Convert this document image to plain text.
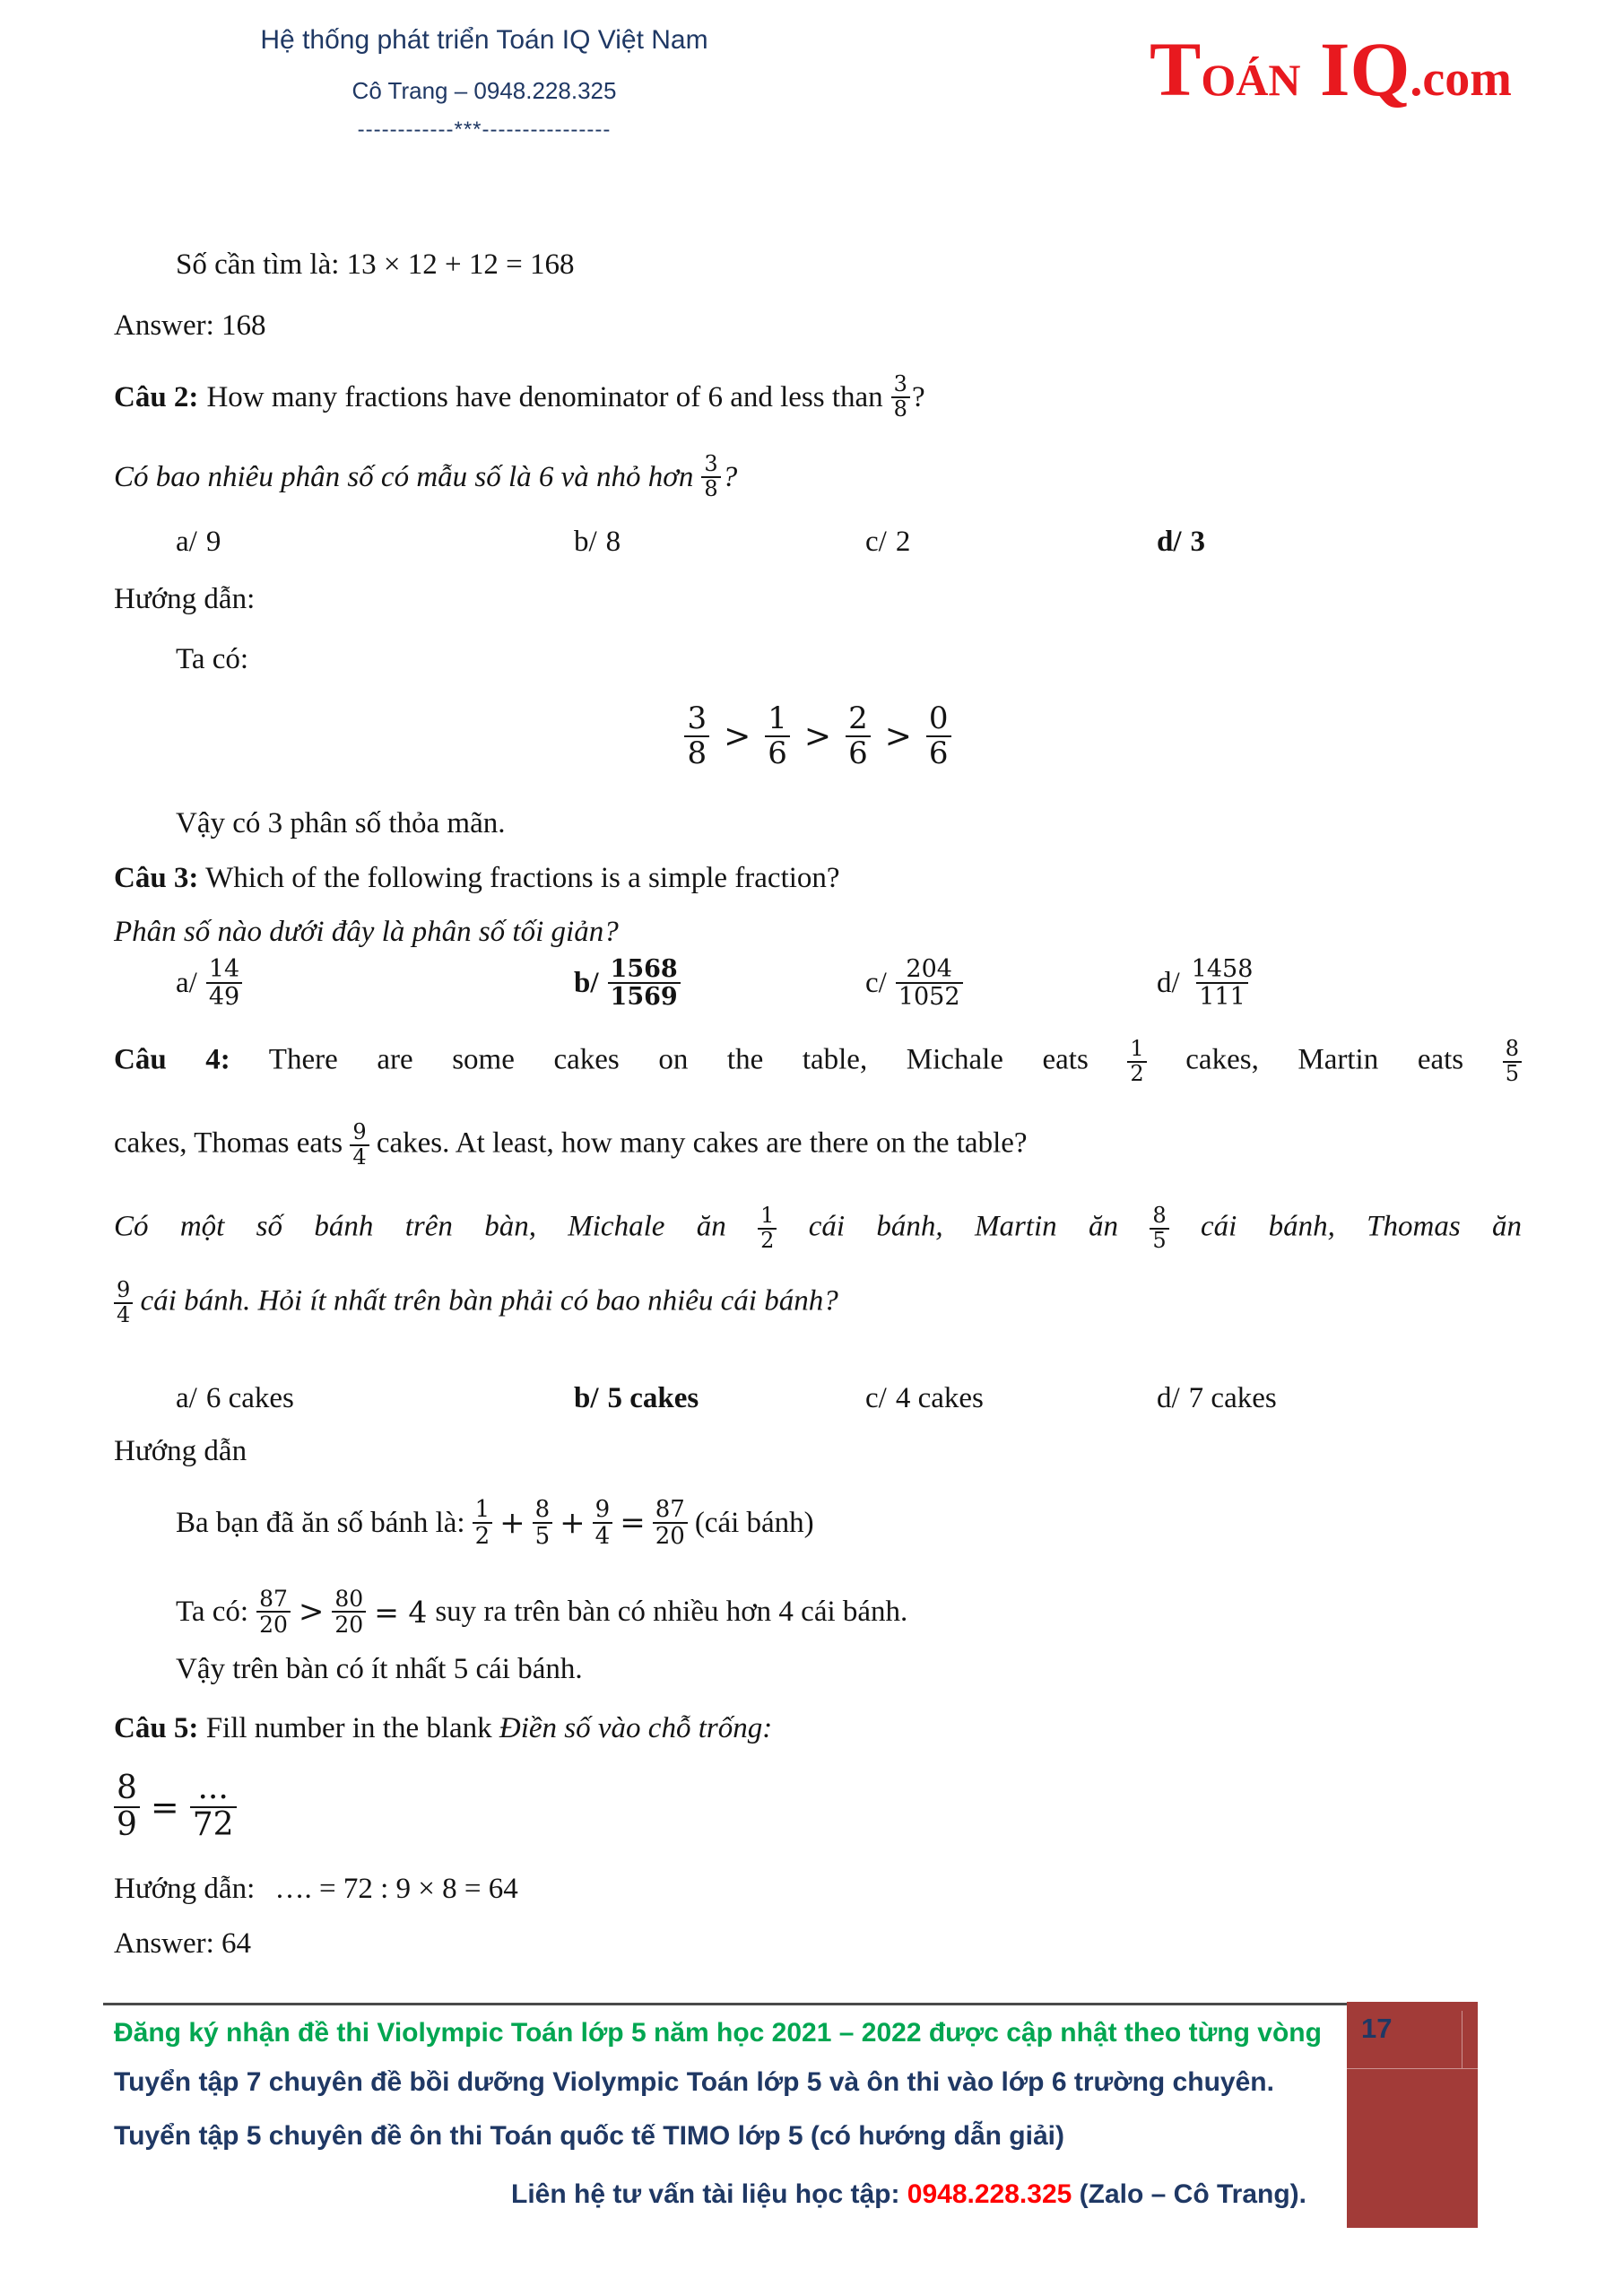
Hệ thống phát triển Toán IQ Việt Nam
Cô Trang – 0948.228.325
------------***----------------
TOÁN IQ.com
Số cần tìm là: 13 × 12 + 12 = 168
Answer: 168
Câu 2: How many fractions have denominator of 6 and less than $\frac{3}{8}$ ?
Có bao nhiêu phân số có mẫu số là 6 và nhỏ hơn $\frac{3}{8}$ ?
a/ 9	b/ 8	c/ 2	d/ 3
Hướng dẫn:
Ta có:
$\frac{3}{8} > \frac{1}{6} > \frac{2}{6} > \frac{0}{6}$
Vậy có 3 phân số thỏa mãn.
Câu 3: Which of the following fractions is a simple fraction?
Phân số nào dưới đây là phân số tối giản?
$a/ \frac{14}{49}$	$b/ \frac{1568}{1569}$	$c/ \frac{204}{1052}$	$d/ \frac{1458}{111}$
Câu 4: There are some cakes on the table, Michale eats $\frac{1}{2}$ cakes, Martin eats $\frac{8}{5}$
cakes, Thomas eats $\frac{9}{4}$ cakes. At least, how many cakes are there on the table?
Có một số bánh trên bàn, Michale ăn $\frac{1}{2}$ cái bánh, Martin ăn $\frac{8}{5}$ cái bánh, Thomas ăn
$\frac{9}{4}$ cái bánh. Hỏi ít nhất trên bàn phải có bao nhiêu cái bánh?
a/ 6 cakes	b/ 5 cakes	c/ 4 cakes	d/ 7 cakes
Hướng dẫn
Ba bạn đã ăn số bánh là: $\frac{1}{2} + \frac{8}{5} + \frac{9}{4} = \frac{87}{20}$ (cái bánh)
Ta có: $\frac{87}{20} > \frac{80}{20} = 4$ suy ra trên bàn có nhiều hơn 4 cái bánh.
Vậy trên bàn có ít nhất 5 cái bánh.
Câu 5: Fill number in the blank Điền số vào chỗ trống:
$\frac{8}{9} = \frac{...}{72}$
Hướng dẫn: …. = 72 : 9 × 8 = 64
Answer: 64
17
Đăng ký nhận đề thi Violympic Toán lớp 5 năm học 2021 – 2022 được cập nhật theo từng vòng
Tuyển tập 7 chuyên đề bồi dưỡng Violympic Toán lớp 5 và ôn thi vào lớp 6 trường chuyên.
Tuyển tập 5 chuyên đề ôn thi Toán quốc tế TIMO lớp 5 (có hướng dẫn giải)
Liên hệ tư vấn tài liệu học tập: 0948.228.325 (Zalo – Cô Trang).
